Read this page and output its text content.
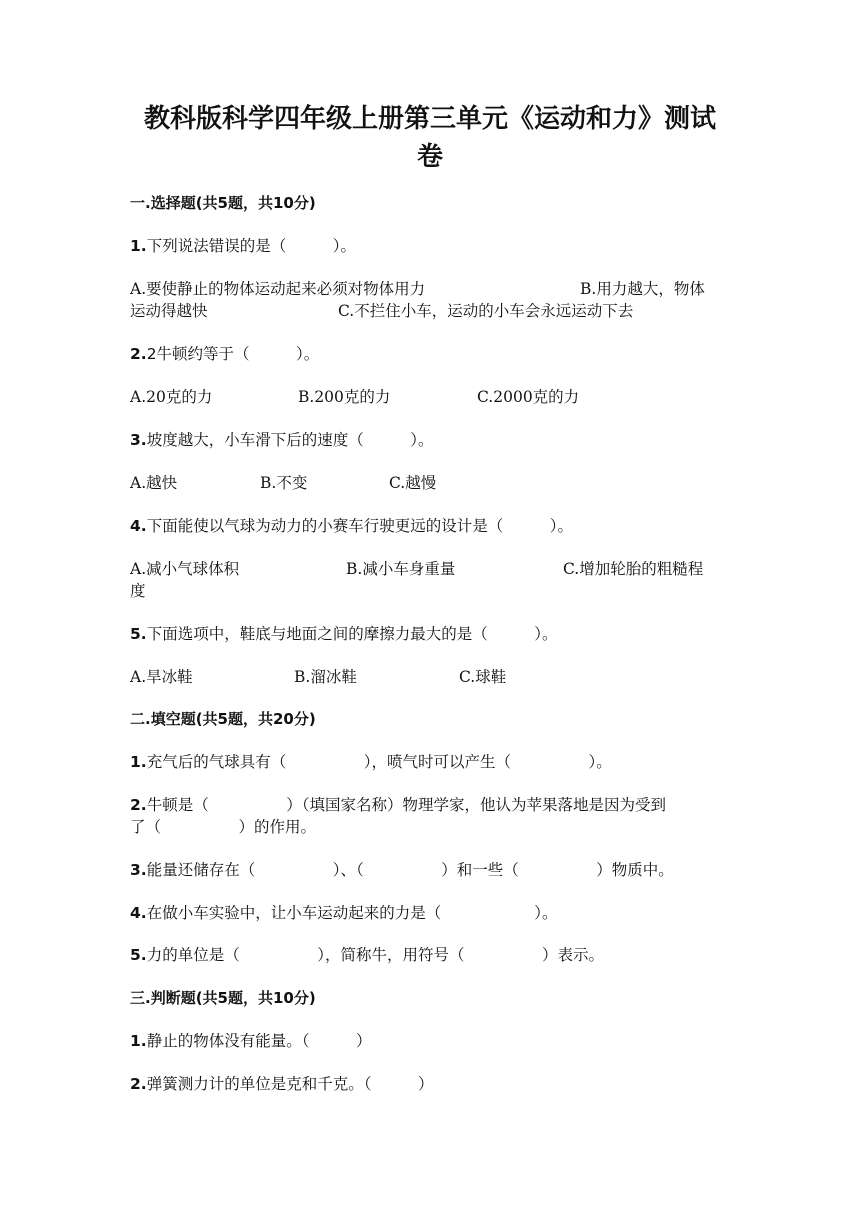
教科版科学四年级上册第三单元《运动和力》测试
卷
一.选择题(共5题，共10分)
1.下列说法错误的是（　　　）。
A.要使静止的物体运动起来必须对物体用力	B.用力越大，物体
运动得越快	C.不拦住小车，运动的小车会永远运动下去
2.2牛顿约等于（　　　）。
A.20克的力	B.200克的力	C.2000克的力
3.坡度越大，小车滑下后的速度（　　　）。
A.越快	B.不变	C.越慢
4.下面能使以气球为动力的小赛车行驶更远的设计是（　　　）。
A.减小气球体积	B.减小车身重量	C.增加轮胎的粗糙程
度
5.下面选项中，鞋底与地面之间的摩擦力最大的是（　　　）。
A.旱冰鞋	B.溜冰鞋	C.球鞋
二.填空题(共5题，共20分)
1.充气后的气球具有（　　　　　），喷气时可以产生（　　　　　）。
2.牛顿是（　　　　　）（填国家名称）物理学家，他认为苹果落地是因为受到
了（　　　　　）的作用。
3.能量还储存在（　　　　　）、（　　　　　）和一些（　　　　　）物质中。
4.在做小车实验中，让小车运动起来的力是（　　　　　　）。
5.力的单位是（　　　　　），简称牛，用符号（　　　　　）表示。
三.判断题(共5题，共10分)
1.静止的物体没有能量。（　　　）
2.弹簧测力计的单位是克和千克。（　　　）
